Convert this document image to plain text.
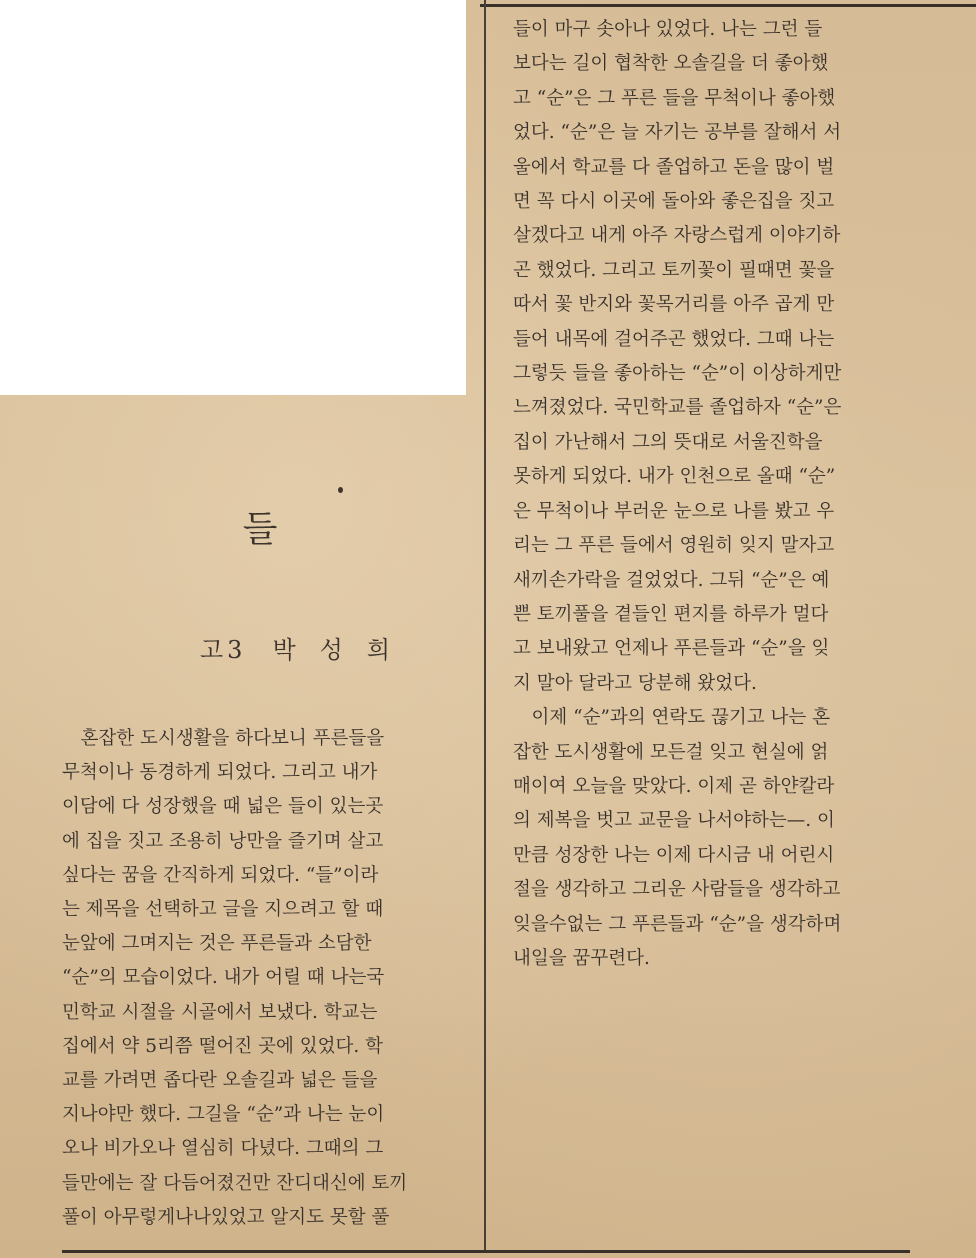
들
고3 박성희
　혼잡한 도시생활을 하다보니 푸른들을
무척이나 동경하게 되었다. 그리고 내가
이담에 다 성장했을 때 넓은 들이 있는곳
에 집을 짓고 조용히 낭만을 즐기며 살고
싶다는 꿈을 간직하게 되었다. “들”이라
는 제목을 선택하고 글을 지으려고 할 때
눈앞에 그며지는 것은 푸른들과 소담한
“순”의 모습이었다. 내가 어릴 때 나는국
민학교 시절을 시골에서 보냈다. 학교는
집에서 약 5리쯤 떨어진 곳에 있었다. 학
교를 가려면 좁다란 오솔길과 넓은 들을
지나야만 했다. 그길을 “순”과 나는 눈이
오나 비가오나 열심히 다녔다. 그때의 그
들만에는 잘 다듬어졌건만 잔디대신에 토끼
풀이 아무렇게나나있었고 알지도 못할 풀
들이 마구 솟아나 있었다. 나는 그런 들
보다는 길이 협착한 오솔길을 더 좋아했
고 “순”은 그 푸른 들을 무척이나 좋아했
었다. “순”은 늘 자기는 공부를 잘해서 서
울에서 학교를 다 졸업하고 돈을 많이 벌
면 꼭 다시 이곳에 돌아와 좋은집을 짓고
살겠다고 내게 아주 자랑스럽게 이야기하
곤 했었다. 그리고 토끼꽃이 필때면 꽃을
따서 꽃 반지와 꽃목거리를 아주 곱게 만
들어 내목에 걸어주곤 했었다. 그때 나는
그렇듯 들을 좋아하는 “순”이 이상하게만
느껴졌었다. 국민학교를 졸업하자 “순”은
집이 가난해서 그의 뜻대로 서울진학을
못하게 되었다. 내가 인천으로 올때 “순”
은 무척이나 부러운 눈으로 나를 봤고 우
리는 그 푸른 들에서 영원히 잊지 말자고
새끼손가락을 걸었었다. 그뒤 “순”은 예
쁜 토끼풀을 곁들인 편지를 하루가 멀다
고 보내왔고 언제나 푸른들과 “순”을 잊
지 말아 달라고 당분해 왔었다.
　이제 “순”과의 연락도 끊기고 나는 혼
잡한 도시생활에 모든걸 잊고 현실에 얽
매이여 오늘을 맞았다. 이제 곧 하얀칼라
의 제복을 벗고 교문을 나서야하는—. 이
만큼 성장한 나는 이제 다시금 내 어린시
절을 생각하고 그리운 사람들을 생각하고
잊을수없는 그 푸른들과 “순”을 생각하며
내일을 꿈꾸련다.
